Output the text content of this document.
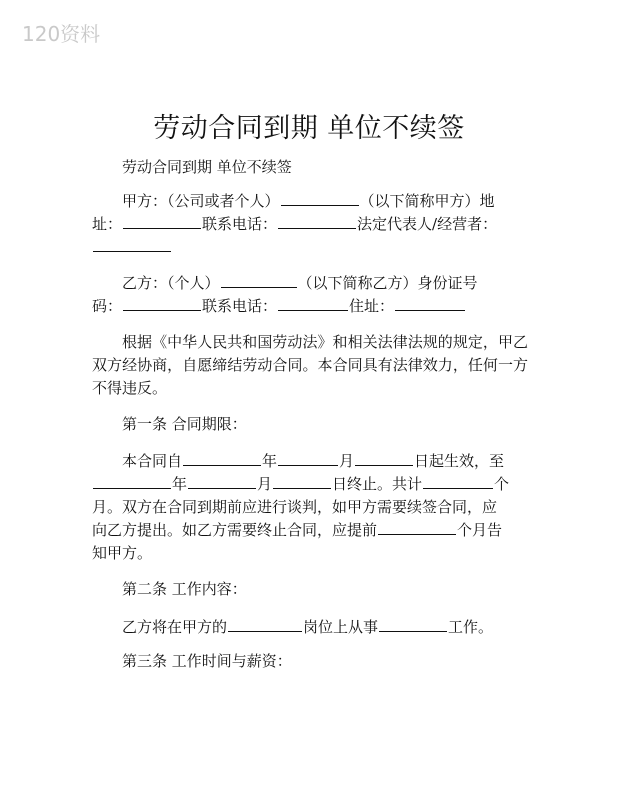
120资料
劳动合同到期 单位不续签
劳动合同到期 单位不续签
甲方：（公司或者个人）	（以下简称甲方）地
址：	联系电话：	法定代表人/经营者：
乙方：（个人）	（以下简称乙方）身份证号
码：	联系电话：	住址：
根据《中华人民共和国劳动法》和相关法律法规的规定，甲乙双方经协商，自愿缔结劳动合同。本合同具有法律效力，任何一方不得违反。
第一条 合同期限：
本合同自	年	月	日起生效，至
年	月	日终止。共计	个
月。双方在合同到期前应进行谈判，如甲方需要续签合同，应
向乙方提出。如乙方需要终止合同，应提前	个月告
知甲方。
第二条 工作内容：
乙方将在甲方的	岗位上从事	工作。
第三条 工作时间与薪资：
